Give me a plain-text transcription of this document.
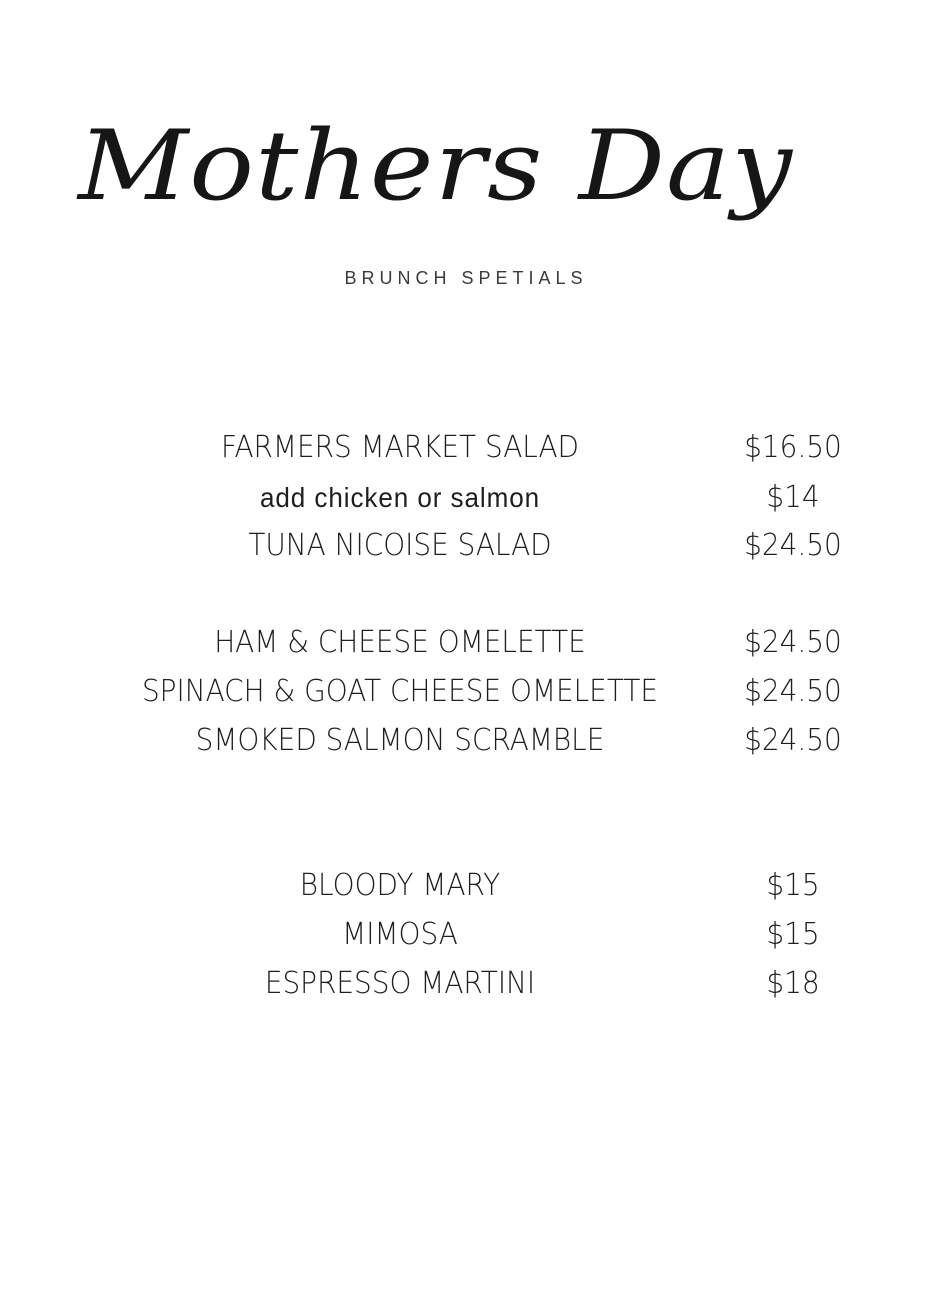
Mothers Day
BRUNCH SPETIALS
FARMERS MARKET SALAD	$16.50
add chicken or salmon	$14
TUNA NICOISE SALAD	$24.50
HAM & CHEESE OMELETTE	$24.50
SPINACH & GOAT CHEESE OMELETTE	$24.50
SMOKED SALMON SCRAMBLE	$24.50
BLOODY MARY	$15
MIMOSA	$15
ESPRESSO MARTINI	$18
